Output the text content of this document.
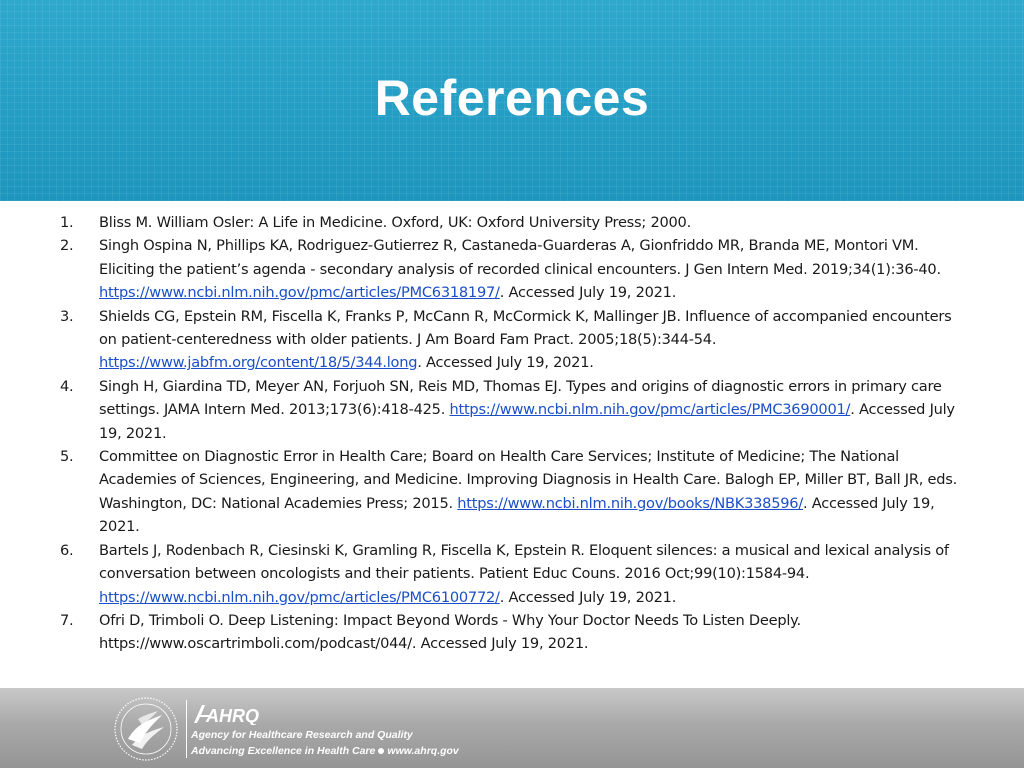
References
1. Bliss M. William Osler: A Life in Medicine. Oxford, UK: Oxford University Press; 2000.
2. Singh Ospina N, Phillips KA, Rodriguez-Gutierrez R, Castaneda-Guarderas A, Gionfriddo MR, Branda ME, Montori VM. Eliciting the patient’s agenda - secondary analysis of recorded clinical encounters. J Gen Intern Med. 2019;34(1):36-40. https://www.ncbi.nlm.nih.gov/pmc/articles/PMC6318197/. Accessed July 19, 2021.
3. Shields CG, Epstein RM, Fiscella K, Franks P, McCann R, McCormick K, Mallinger JB. Influence of accompanied encounters on patient-centeredness with older patients. J Am Board Fam Pract. 2005;18(5):344-54. https://www.jabfm.org/content/18/5/344.long. Accessed July 19, 2021.
4. Singh H, Giardina TD, Meyer AN, Forjuoh SN, Reis MD, Thomas EJ. Types and origins of diagnostic errors in primary care settings. JAMA Intern Med. 2013;173(6):418-425. https://www.ncbi.nlm.nih.gov/pmc/articles/PMC3690001/. Accessed July 19, 2021.
5. Committee on Diagnostic Error in Health Care; Board on Health Care Services; Institute of Medicine; The National Academies of Sciences, Engineering, and Medicine. Improving Diagnosis in Health Care. Balogh EP, Miller BT, Ball JR, eds. Washington, DC: National Academies Press; 2015. https://www.ncbi.nlm.nih.gov/books/NBK338596/. Accessed July 19, 2021.
6. Bartels J, Rodenbach R, Ciesinski K, Gramling R, Fiscella K, Epstein R. Eloquent silences: a musical and lexical analysis of conversation between oncologists and their patients. Patient Educ Couns. 2016 Oct;99(10):1584-94. https://www.ncbi.nlm.nih.gov/pmc/articles/PMC6100772/. Accessed July 19, 2021.
7. Ofri D, Trimboli O. Deep Listening: Impact Beyond Words - Why Your Doctor Needs To Listen Deeply. https://www.oscartrimboli.com/podcast/044/. Accessed July 19, 2021.
AHRQ
Agency for Healthcare Research and Quality
Advancing Excellence in Health Care www.ahrq.gov
